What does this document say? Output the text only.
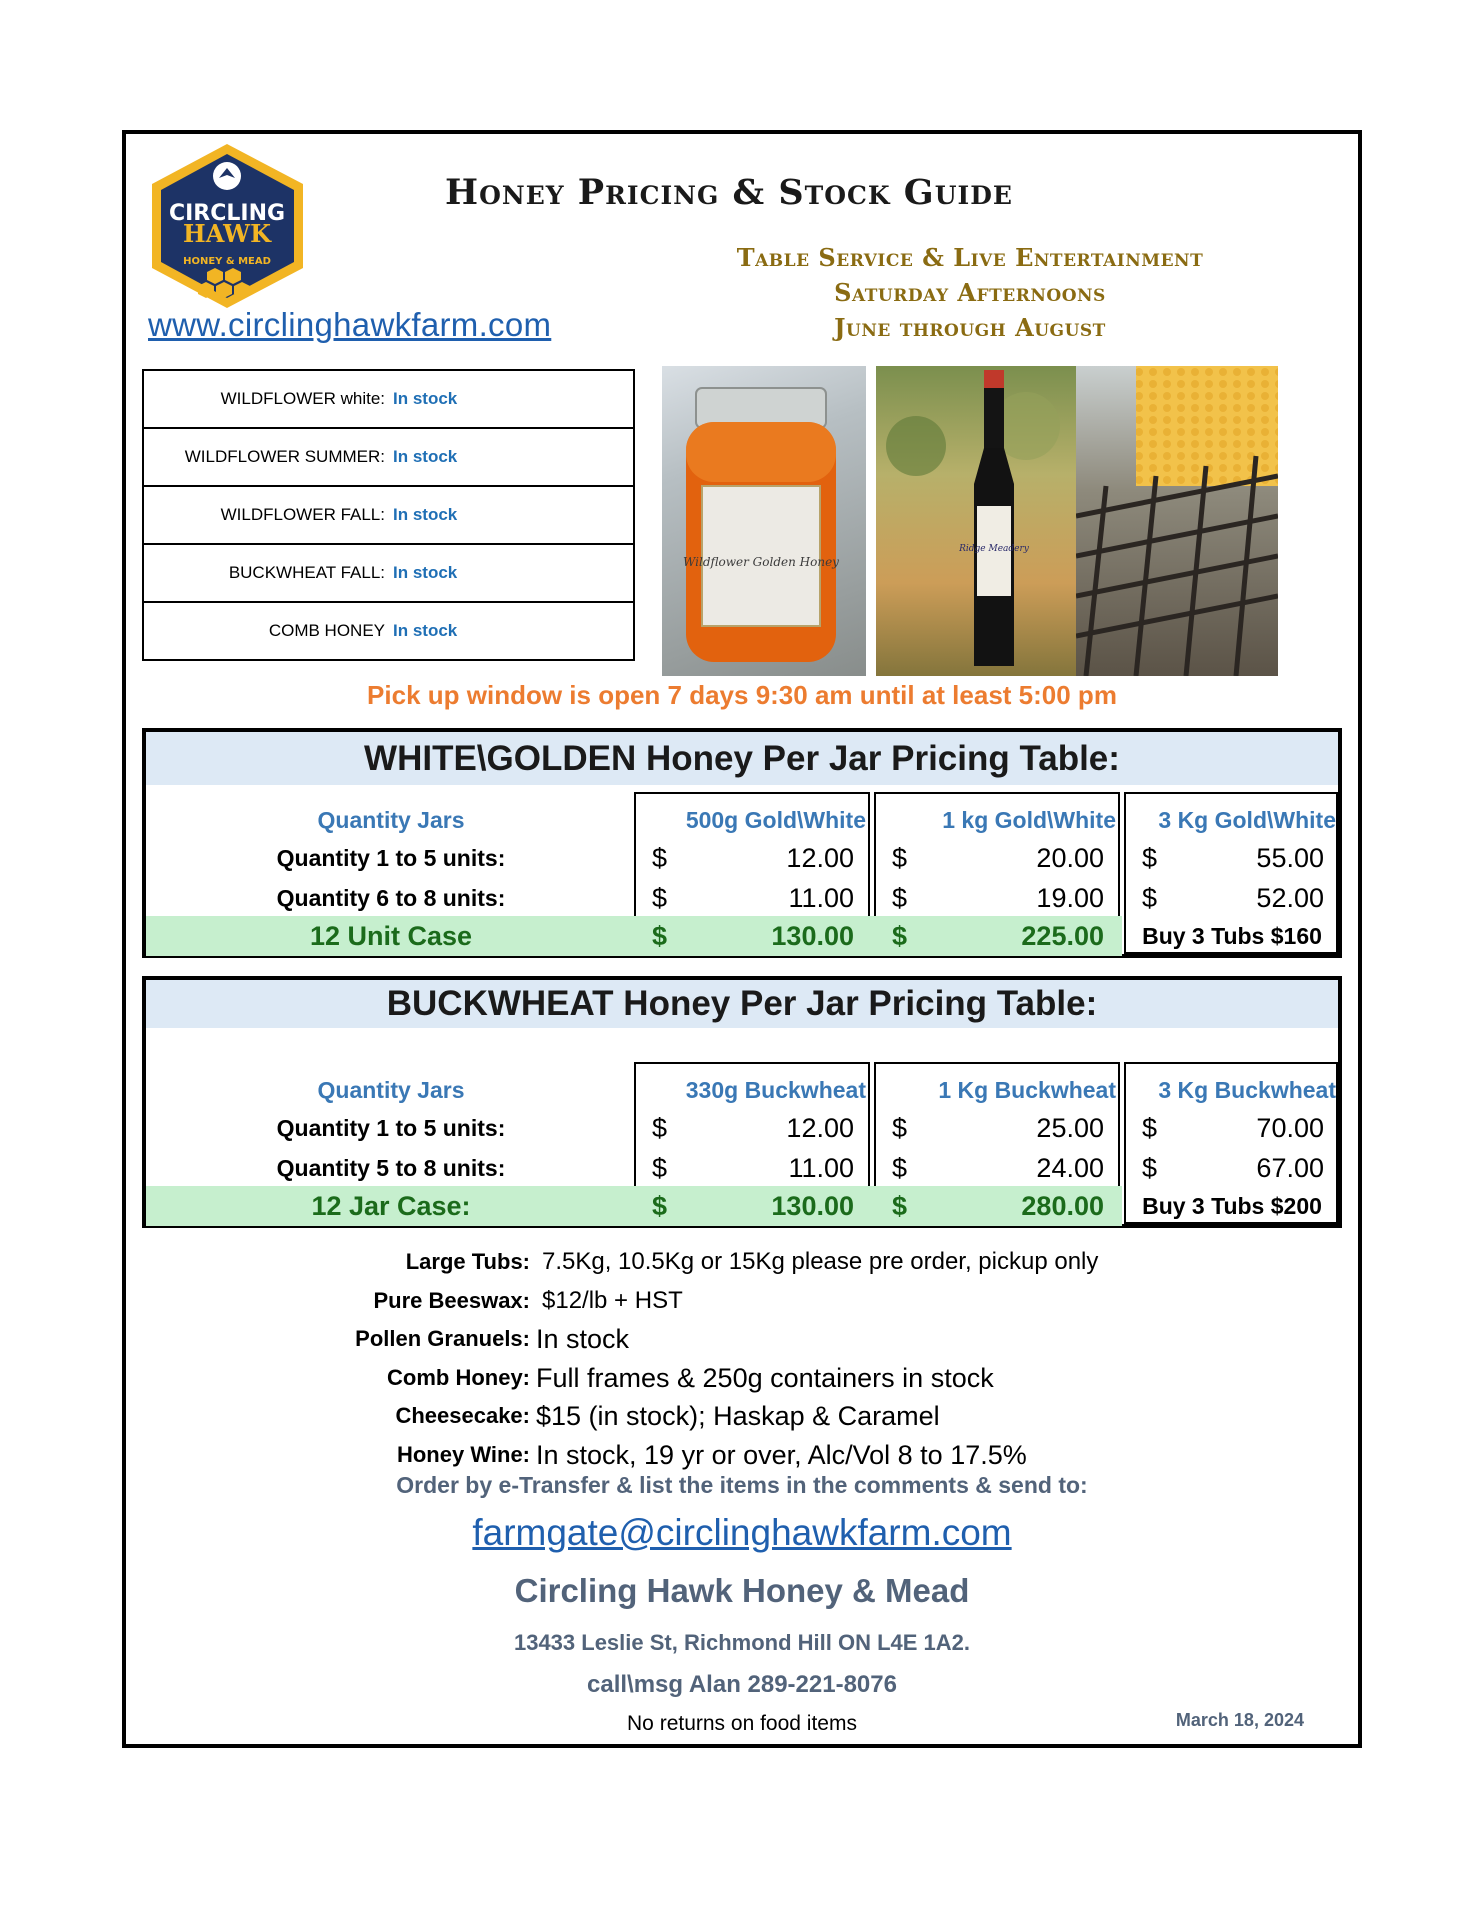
CIRCLING
HAWK
HONEY & MEAD
www.circlinghawkfarm.com
Honey Pricing & Stock Guide
Table Service & Live Entertainment
Saturday Afternoons
June through August
WILDFLOWER white: In stock
WILDFLOWER SUMMER: In stock
WILDFLOWER FALL: In stock
BUCKWHEAT FALL: In stock
COMB HONEY In stock
Wildflower Golden Honey
Ridge Meadery
Pick up window is open 7 days 9:30 am until at least 5:00 pm
WHITE\GOLDEN Honey Per Jar Pricing Table:
Quantity Jars	500g Gold\White	1 kg Gold\White	3 Kg Gold\White
Quantity 1 to 5 units:	$	12.00 $	20.00 $	55.00
Quantity 6 to 8 units:	$	11.00 $	19.00 $	52.00
12 Unit Case	$	130.00 $	225.00	Buy 3 Tubs $160
BUCKWHEAT Honey Per Jar Pricing Table:
Quantity Jars	330g Buckwheat	1 Kg Buckwheat	3 Kg Buckwheat
Quantity 1 to 5 units:	$	12.00 $	25.00 $	70.00
Quantity 5 to 8 units:	$	11.00 $	24.00 $	67.00
12 Jar Case:	$	130.00 $	280.00	Buy 3 Tubs $200
Large Tubs: 7.5Kg, 10.5Kg or 15Kg please pre order, pickup only
Pure Beeswax: $12/lb + HST
Pollen Granuels: In stock
Comb Honey: Full frames & 250g containers in stock
Cheesecake: $15 (in stock); Haskap & Caramel
Honey Wine: In stock, 19 yr or over, Alc/Vol 8 to 17.5%
Order by e-Transfer & list the items in the comments & send to:
farmgate@circlinghawkfarm.com
Circling Hawk Honey & Mead
13433 Leslie St, Richmond Hill ON L4E 1A2.
call\msg Alan 289-221-8076
No returns on food items	March 18, 2024
